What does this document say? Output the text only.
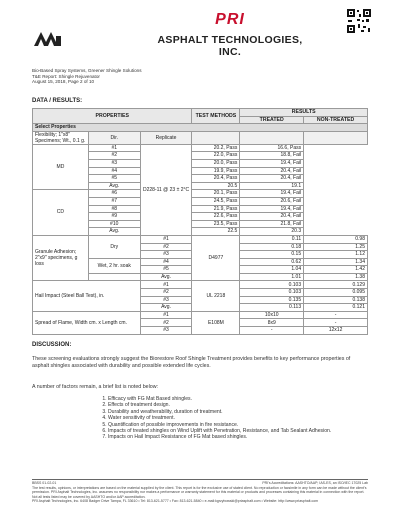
PRI
ASPHALT TECHNOLOGIES, INC.
Bio-Based Spray Systems, Greener Shingle Solutions
T&E Report: Shingle Rejuvenator
August 15, 2018, Page 2 of 10
DATA / RESULTS:
PROPERTIES			TEST METHODS	RESULTS	
				TREATED	NON-TREATED
Select Properties					
Flexibility; 1"x8" Specimens; Wt., 0.1 g.	Dir.	Replicate			
MD	#1	D228-11 @ 23 ± 2°C	20.2, Pass	16.6, Pass	
	#2		22.0, Pass	18.8, Fail	
	#3		20.0, Pass	19.4, Fail	
	#4		19.9, Pass	20.4, Fail	
	#5		20.4, Pass	20.4, Fail	
	Avg.		20.5	19.1	
CD	#6		20.1, Pass	19.4, Fail	
	#7		24.5, Pass	20.6, Fail	
	#8		21.9, Pass	19.4, Fail	
	#9		22.6, Pass	20.4, Fail	
	#10		23.5, Pass	21.8, Fail	
	Avg.		22.5	20.3	
Granule Adhesion; 2"x9" specimens, g loss	Dry	#1	D4977	0.11	0.98
		#2		0.18	1.25
		#3		0.15	1.12
	Wet, 2 hr. soak	#4		0.62	1.34
		#5		1.04	1.42
		Avg.		1.01	1.38
Hail Impact (Steel Ball Test), in.		#1	UL 2218	0.103	0.129
		#2		0.103	0.095
		#3		0.135	0.138
		Avg.		0.113	0.121
Spread of Flame, Width cm. x Length cm.		#1	E108M	10x10	-
		#2		8x9	-
		#3		-	12x12
DISCUSSION:
These screening evaluations strongly suggest the Biorestore Roof Shingle Treatment provides benefits to key performance properties of asphalt shingles associated with durability and possible extended life cycles.
A number of factors remain, a brief list is noted below:
1. Efficacy with FG Mat Based shingles.
2. Effects of treatment design.
3. Durability and weatherability, duration of treatment.
4. Water sensitivity of treatment.
5. Quantification of possible improvements in fire resistance.
6. Impacts of treated shingles on Wind Uplift with Penetration, Resistance, and Tab Sealant Adhesion.
7. Impacts on Hail Impact Resistance of FG Mat based shingles.
BBSS 01-02-01	PRI's Accreditations: AASHTO/AAP; IAS-ES, an ISO/IEC 17025 Lab
The test results, opinions, or interpretations are based on the material supplied by the client. This report is for the exclusive use of stated client. No reproduction or facsimile in any form can be made without the client's permission. PRI Asphalt Technologies, Inc. assumes no responsibility nor makes a performance or warranty statement for this material or products and processes containing this material in connection with the report. Not all tests listed may be covered by AASHTO and/or AAP accreditation.
PRI Asphalt Technologies, Inc. 6408 Badger Drive Tampa, FL 33610 • Tel: 813-621-5777 • Fax: 813-621-5840 • e-mail:kgrzybowski@priasphalt.com • Website: http://www.priasphalt.com
